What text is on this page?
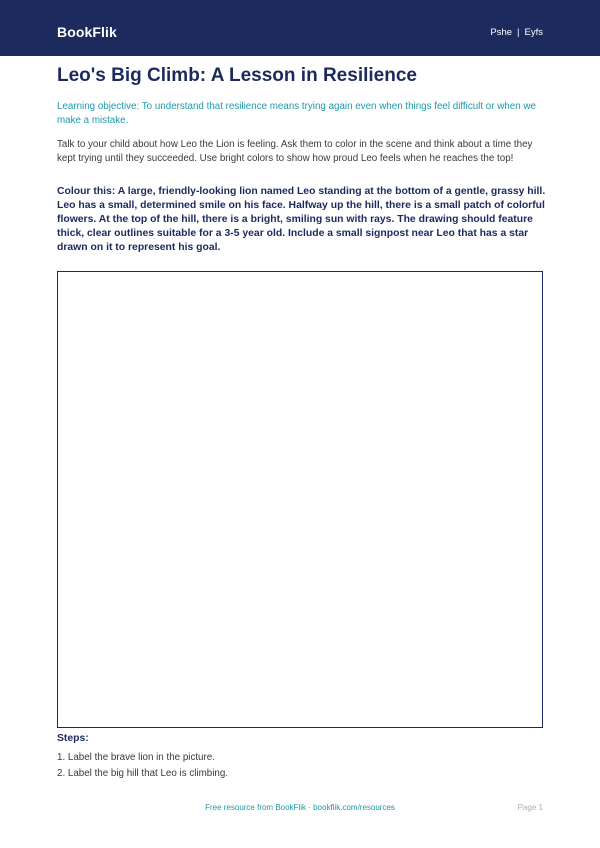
BookFlik	Pshe | Eyfs
Leo's Big Climb: A Lesson in Resilience
Learning objective: To understand that resilience means trying again even when things feel difficult or when we make a mistake.
Talk to your child about how Leo the Lion is feeling. Ask them to color in the scene and think about a time they kept trying until they succeeded. Use bright colors to show how proud Leo feels when he reaches the top!
Colour this: A large, friendly-looking lion named Leo standing at the bottom of a gentle, grassy hill. Leo has a small, determined smile on his face. Halfway up the hill, there is a small patch of colorful flowers. At the top of the hill, there is a bright, smiling sun with rays. The drawing should feature thick, clear outlines suitable for a 3-5 year old. Include a small signpost near Leo that has a star drawn on it to represent his goal.
Steps:
1. Label the brave lion in the picture.
2. Label the big hill that Leo is climbing.
Free resource from BookFlik · bookflik.com/resources	Page 1
